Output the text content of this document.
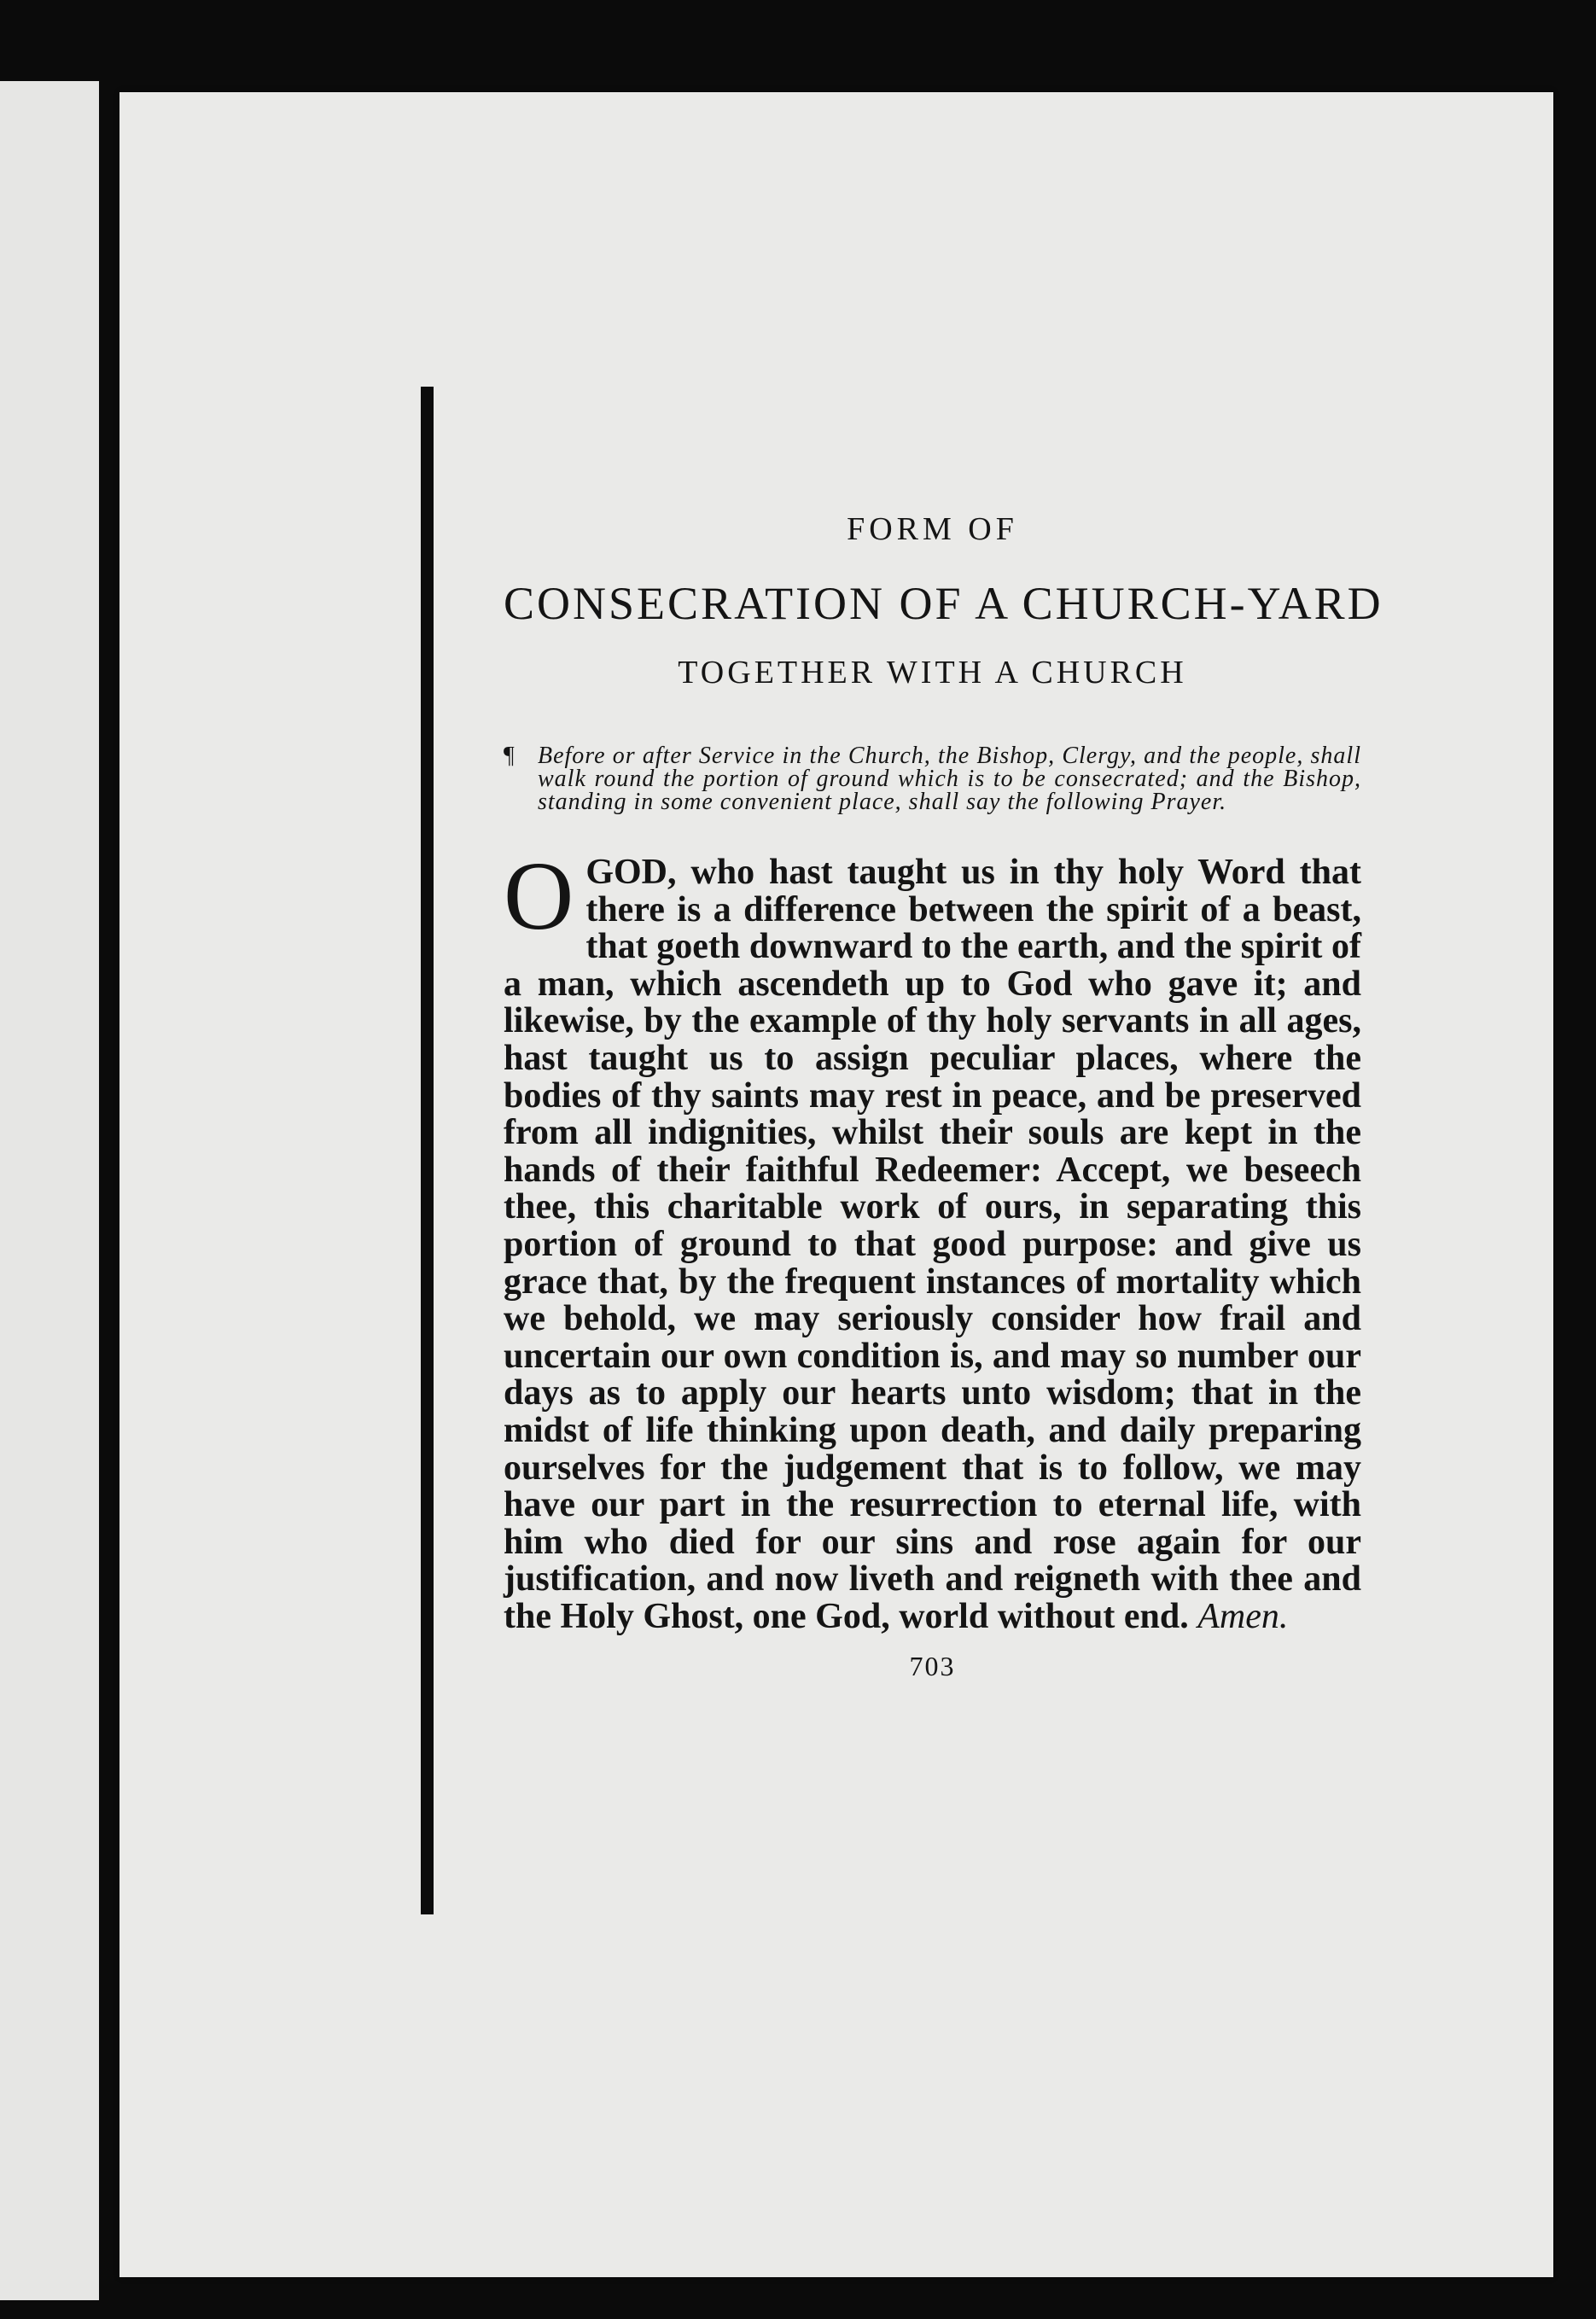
FORM OF
CONSECRATION OF A CHURCH-YARD
TOGETHER WITH A CHURCH

¶ Before or after Service in the Church, the Bishop, Clergy, and the people, shall walk round the portion of ground which is to be consecrated; and the Bishop, standing in some convenient place, shall say the following Prayer.

OGOD, who hast taught us in thy holy Word that there is a difference between the spirit of a beast, that goeth downward to the earth, and the spirit of a man, which ascendeth up to God who gave it; and likewise, by the example of thy holy servants in all ages, hast taught us to assign peculiar places, where the bodies of thy saints may rest in peace, and be preserved from all indignities, whilst their souls are kept in the hands of their faithful Redeemer: Accept, we beseech thee, this charitable work of ours, in separating this portion of ground to that good purpose: and give us grace that, by the frequent instances of mortality which we behold, we may seriously consider how frail and uncertain our own condition is, and may so number our days as to apply our hearts unto wisdom; that in the midst of life thinking upon death, and daily preparing ourselves for the judgement that is to follow, we may have our part in the resurrection to eternal life, with him who died for our sins and rose again for our justification, and now liveth and reigneth with thee and the Holy Ghost, one God, world without end. Amen.

703
